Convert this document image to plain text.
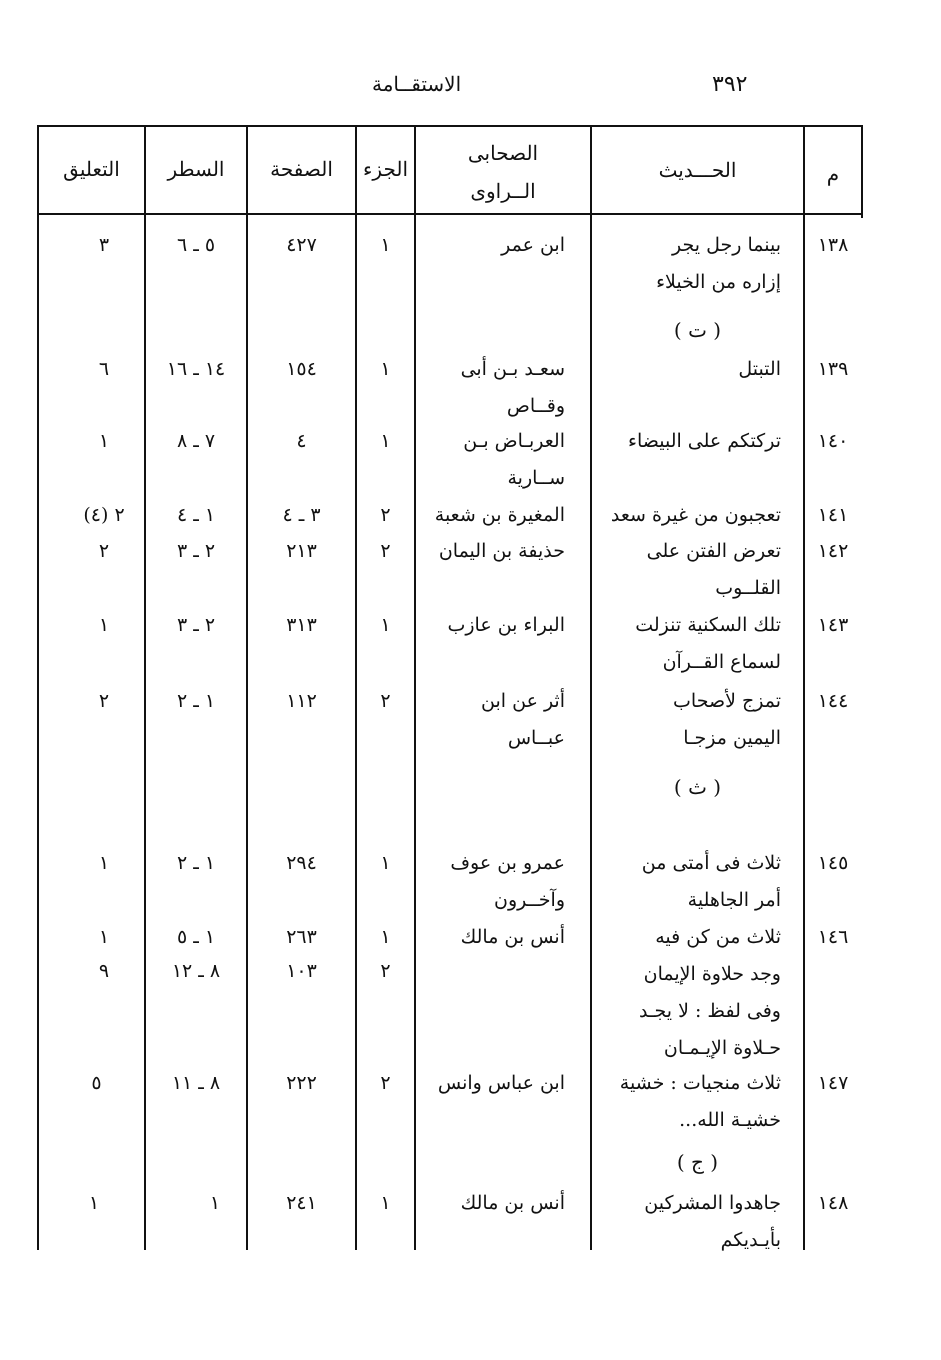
الاستقــامة	٣٩٢
م
الحـــديث
الصحابى
الــراوى
الجزء
الصفحة
السطر
التعليق
( ت )
( ث )
( ج )
١٣٨
بينما رجل يجر
إزاره من الخيلاء
ابن عمر
١
٤٢٧
٥ ـ ٦
٣
١٣٩
التبتل
سعـد بـن أبى
وقــاص
١
١٥٤
١٤ ـ ١٦
٦
١٤٠
تركتكم على البيضاء
العربـاض بـن
ســارية
١
٤
٧ ـ ٨
١
١٤١
تعجبون من غيرة سعد
المغيرة بن شعبة
٢
٣ ـ ٤
١ ـ ٤
٢ (٤)
١٤٢
تعرض الفتن على
القلــوب
حذيفة بن اليمان
٢
٢١٣
٢ ـ ٣
٢
١٤٣
تلك السكنية تنزلت
لسماع القــرآن
البراء بن عازب
١
٣١٣
٢ ـ ٣
١
١٤٤
تمزج لأصحاب
اليمين مزجـا
أثر عن ابن
عبــاس
٢
١١٢
١ ـ ٢
٢
١٤٥
ثلاث فى أمتى من
أمر الجاهلية
عمرو بن عوف
وآخــرون
١
٢٩٤
١ ـ ٢
١
١٤٦
ثلاث من كن فيه
وجد حلاوة الإيمان
وفى لفظ : لا يجـد
حـلاوة الإيـمـان
أنس بن مالك
١
٢٦٣
١ ـ ٥
١
٢
١٠٣
٨ ـ ١٢
٩
١٤٧
ثلاث منجيات : خشية
خشيـة الله...
ابن عباس وانس
٢
٢٢٢
٨ ـ ١١
٥
١٤٨
جاهدوا المشركين
بأيـديكم
أنس بن مالك
١
٢٤١
١
١
